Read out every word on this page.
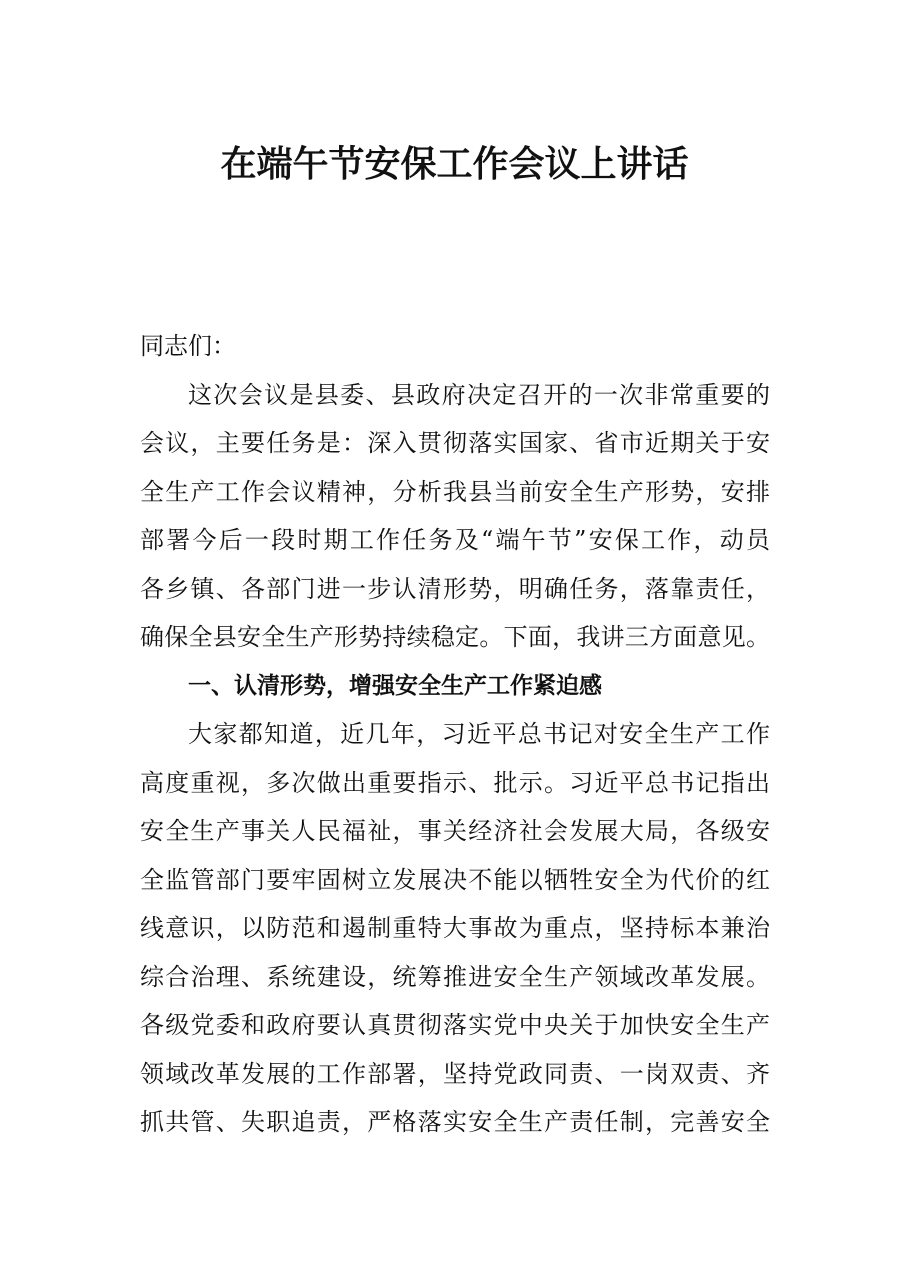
在端午节安保工作会议上讲话
同志们：
这次会议是县委、县政府决定召开的一次非常重要的
会议，主要任务是：深入贯彻落实国家、省市近期关于安
全生产工作会议精神，分析我县当前安全生产形势，安排
部署今后一段时期工作任务及“端午节”安保工作，动员
各乡镇、各部门进一步认清形势，明确任务，落靠责任，
确保全县安全生产形势持续稳定。下面，我讲三方面意见。
一、认清形势，增强安全生产工作紧迫感
大家都知道，近几年，习近平总书记对安全生产工作
高度重视，多次做出重要指示、批示。习近平总书记指出
安全生产事关人民福祉，事关经济社会发展大局，各级安
全监管部门要牢固树立发展决不能以牺牲安全为代价的红
线意识，以防范和遏制重特大事故为重点，坚持标本兼治
综合治理、系统建设，统筹推进安全生产领域改革发展。
各级党委和政府要认真贯彻落实党中央关于加快安全生产
领域改革发展的工作部署，坚持党政同责、一岗双责、齐
抓共管、失职追责，严格落实安全生产责任制，完善安全
